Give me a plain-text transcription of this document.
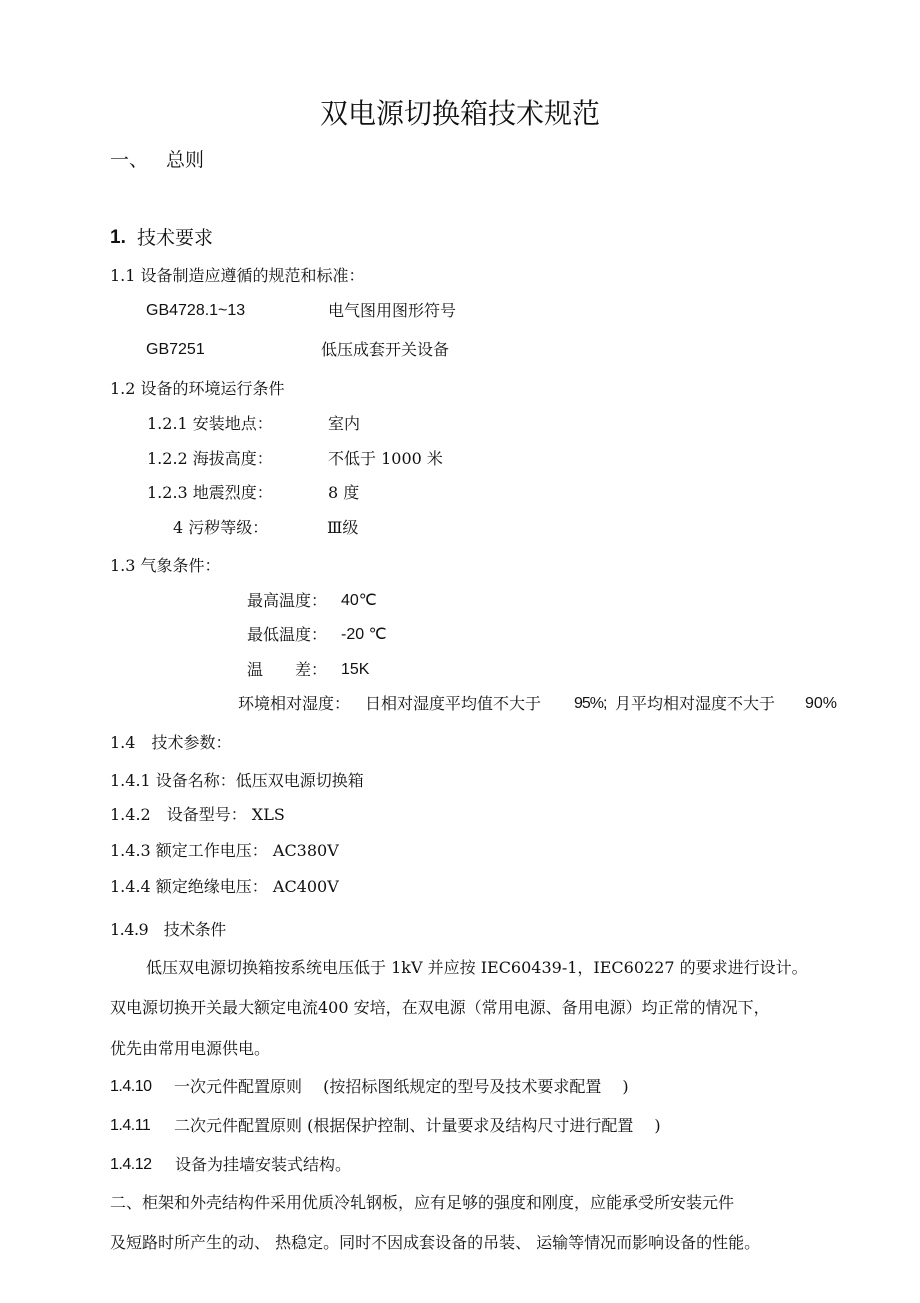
双电源切换箱技术规范
一、 总则
1. 技术要求
1.1 设备制造应遵循的规范和标准：
GB4728.1~13	电气图用图形符号
GB7251	低压成套开关设备
1.2 设备的环境运行条件
1.2.1 安装地点：	室内
1.2.2 海拔高度：	不低于 1000 米
1.2.3 地震烈度：	8 度
4 污秽等级：	Ⅲ级
1.3 气象条件：
最高温度： 40℃
最低温度： -20 ℃
温　　差： 15K
环境相对湿度： 日相对湿度平均值不大于 95%; 月平均相对湿度不大于 90%
1.4　技术参数：
1.4.1 设备名称：低压双电源切换箱
1.4.2　设备型号： XLS
1.4.3 额定工作电压： AC380V
1.4.4 额定绝缘电压： AC400V
1.4.9　技术条件
低压双电源切换箱按系统电压低于 1kV 并应按 IEC60439-1，IEC60227 的要求进行设计。
双电源切换开关最大额定电流400 安培，在双电源（常用电源、备用电源）均正常的情况下，
优先由常用电源供电。
1.4.10 一次元件配置原则　 (按招标图纸规定的型号及技术要求配置　 )
1.4.11 二次元件配置原则 (根据保护控制、计量要求及结构尺寸进行配置　 )
1.4.12 设备为挂墙安装式结构。
二、柜架和外壳结构件采用优质冷轧钢板，应有足够的强度和刚度，应能承受所安装元件
及短路时所产生的动、 热稳定。同时不因成套设备的吊装、 运输等情况而影响设备的性能。
